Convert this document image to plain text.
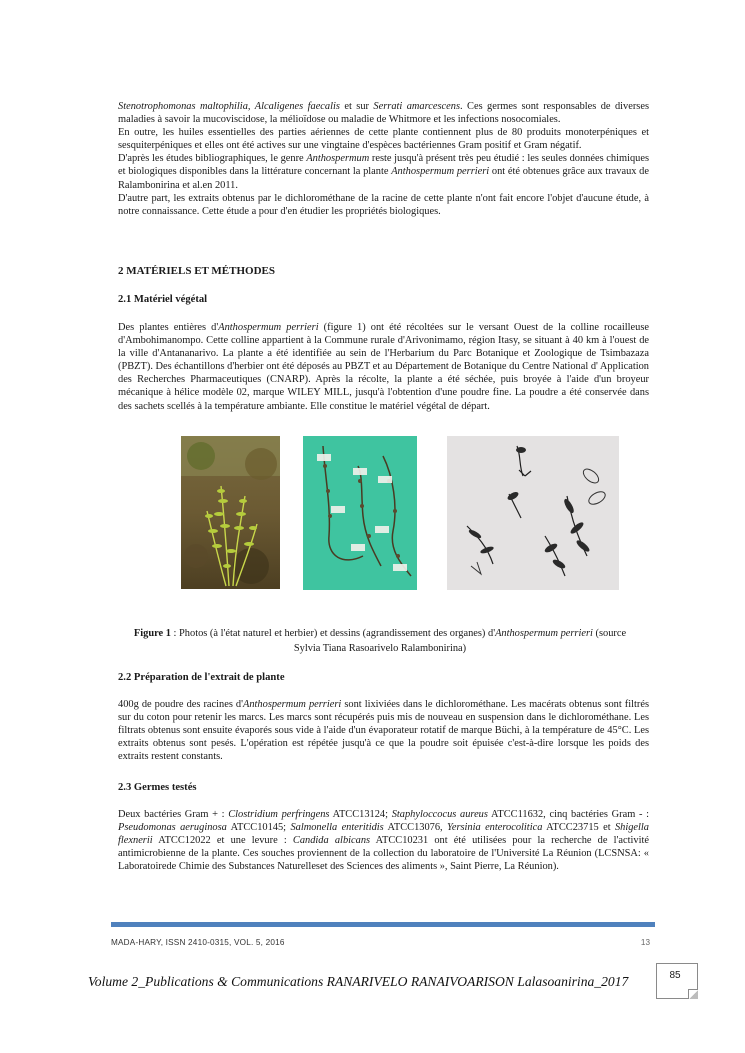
Stenotrophomonas maltophilia, Alcaligenes faecalis et sur Serrati amarcescens. Ces germes sont responsables de diverses maladies à savoir la mucoviscidose, la mélioïdose ou maladie de Whitmore et les infections nosocomiales.

En outre, les huiles essentielles des parties aériennes de cette plante contiennent plus de 80 produits monoterpéniques et sesquiterpéniques et elles ont été actives sur une vingtaine d'espèces bactériennes Gram positif et Gram négatif.

D'après les études bibliographiques, le genre Anthospermum reste jusqu'à présent très peu étudié : les seules données chimiques et biologiques disponibles dans la littérature concernant la plante Anthospermum perrieri ont été obtenues grâce aux travaux de Ralambonirina et al.en 2011.

D'autre part, les extraits obtenus par le dichlorométhane de la racine de cette plante n'ont fait encore l'objet d'aucune étude, à notre connaissance. Cette étude a pour d'en étudier les propriétés biologiques.

2 MATÉRIELS ET MÉTHODES
2.1 Matériel végétal

Des plantes entières d'Anthospermum perrieri (figure 1) ont été récoltées sur le versant Ouest de la colline rocailleuse d'Ambohimanompo. Cette colline appartient à la Commune rurale d'Arivonimamo, région Itasy, se situant à 40 km à l'ouest de la ville d'Antananarivo. La plante a été identifiée au sein de l'Herbarium du Parc Botanique et Zoologique de Tsimbazaza (PBZT). Des échantillons d'herbier ont été déposés au PBZT et au Département de Botanique du Centre National d' Application des Recherches Pharmaceutiques (CNARP). Après la récolte, la plante a été séchée, puis broyée à l'aide d'un broyeur mécanique à hélice modèle 02, marque WILEY MILL, jusqu'à l'obtention d'une poudre fine. La poudre a été conservée dans des sachets scellés à la température ambiante. Elle constitue le matériel végétal de départ.

Figure 1 : Photos (à l'état naturel et herbier) et dessins (agrandissement des organes) d'Anthospermum perrieri (source
Sylvia Tiana Rasoarivelo Ralambonirina)
2.2 Préparation de l'extrait de plante

400g de poudre des racines d'Anthospermum perrieri sont lixiviées dans le dichlorométhane. Les macérats obtenus sont filtrés sur du coton pour retenir les marcs. Les marcs sont récupérés puis mis de nouveau en suspension dans le dichlorométhane. Les filtrats obtenus sont ensuite évaporés sous vide à l'aide d'un évaporateur rotatif de marque Büchi, à la température de 45°C. Les extraits obtenus sont pesés. L'opération est répétée jusqu'à ce que la poudre soit épuisée c'est-à-dire lorsque les poids des extraits restent constants.

2.3 Germes testés

Deux bactéries Gram + : Clostridium perfringens ATCC13124; Staphyloccocus aureus ATCC11632, cinq bactéries Gram - : Pseudomonas aeruginosa ATCC10145; Salmonella enteritidis ATCC13076, Yersinia enterocolitica ATCC23715 et Shigella flexnerii ATCC12022 et une levure : Candida albicans ATCC10231 ont été utilisées pour la recherche de l'activité antimicrobienne de la plante. Ces souches proviennent de la collection du laboratoire de l'Université La Réunion (LCSNSA: « Laboratoirede Chimie des Substances Naturelleset des Sciences des aliments », Saint Pierre, La Réunion).

MADA-HARY, ISSN 2410-0315, VOL. 5, 2016	13
Volume 2_Publications & Communications RANARIVELO RANAIVOARISON Lalasoanirina_2017	85
